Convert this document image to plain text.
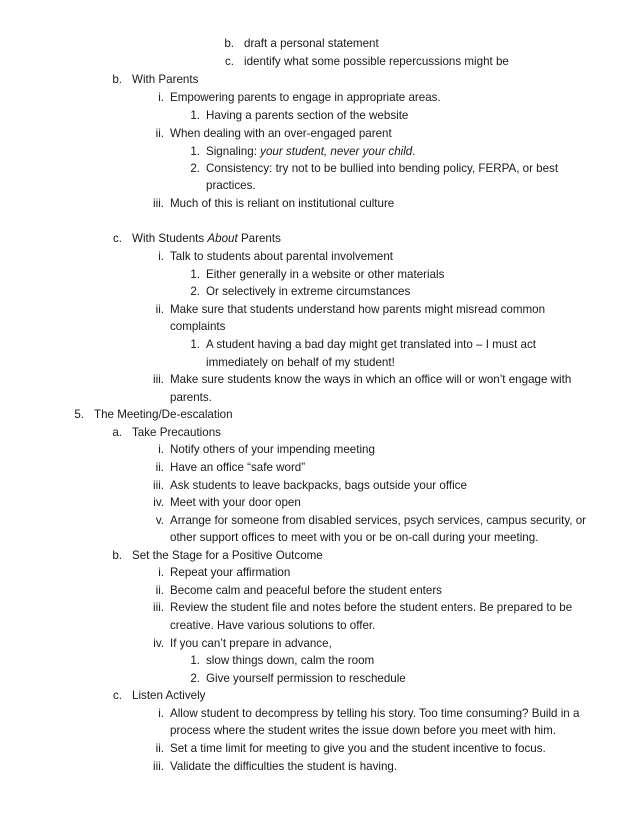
b. draft a personal statement
c. identify what some possible repercussions might be
b. With Parents
i. Empowering parents to engage in appropriate areas.
1. Having a parents section of the website
ii. When dealing with an over-engaged parent
1. Signaling: your student, never your child.
2. Consistency: try not to be bullied into bending policy, FERPA, or best
practices.
iii. Much of this is reliant on institutional culture
c. With Students About Parents
i. Talk to students about parental involvement
1. Either generally in a website or other materials
2. Or selectively in extreme circumstances
ii. Make sure that students understand how parents might misread common
complaints
1. A student having a bad day might get translated into – I must act
immediately on behalf of my student!
iii. Make sure students know the ways in which an office will or won’t engage with
parents.
5. The Meeting/De-escalation
a. Take Precautions
i. Notify others of your impending meeting
ii. Have an office “safe word”
iii. Ask students to leave backpacks, bags outside your office
iv. Meet with your door open
v. Arrange for someone from disabled services, psych services, campus security, or
other support offices to meet with you or be on-call during your meeting.
b. Set the Stage for a Positive Outcome
i. Repeat your affirmation
ii. Become calm and peaceful before the student enters
iii. Review the student file and notes before the student enters. Be prepared to be
creative. Have various solutions to offer.
iv. If you can’t prepare in advance,
1. slow things down, calm the room
2. Give yourself permission to reschedule
c. Listen Actively
i. Allow student to decompress by telling his story. Too time consuming? Build in a
process where the student writes the issue down before you meet with him.
ii. Set a time limit for meeting to give you and the student incentive to focus.
iii. Validate the difficulties the student is having.
